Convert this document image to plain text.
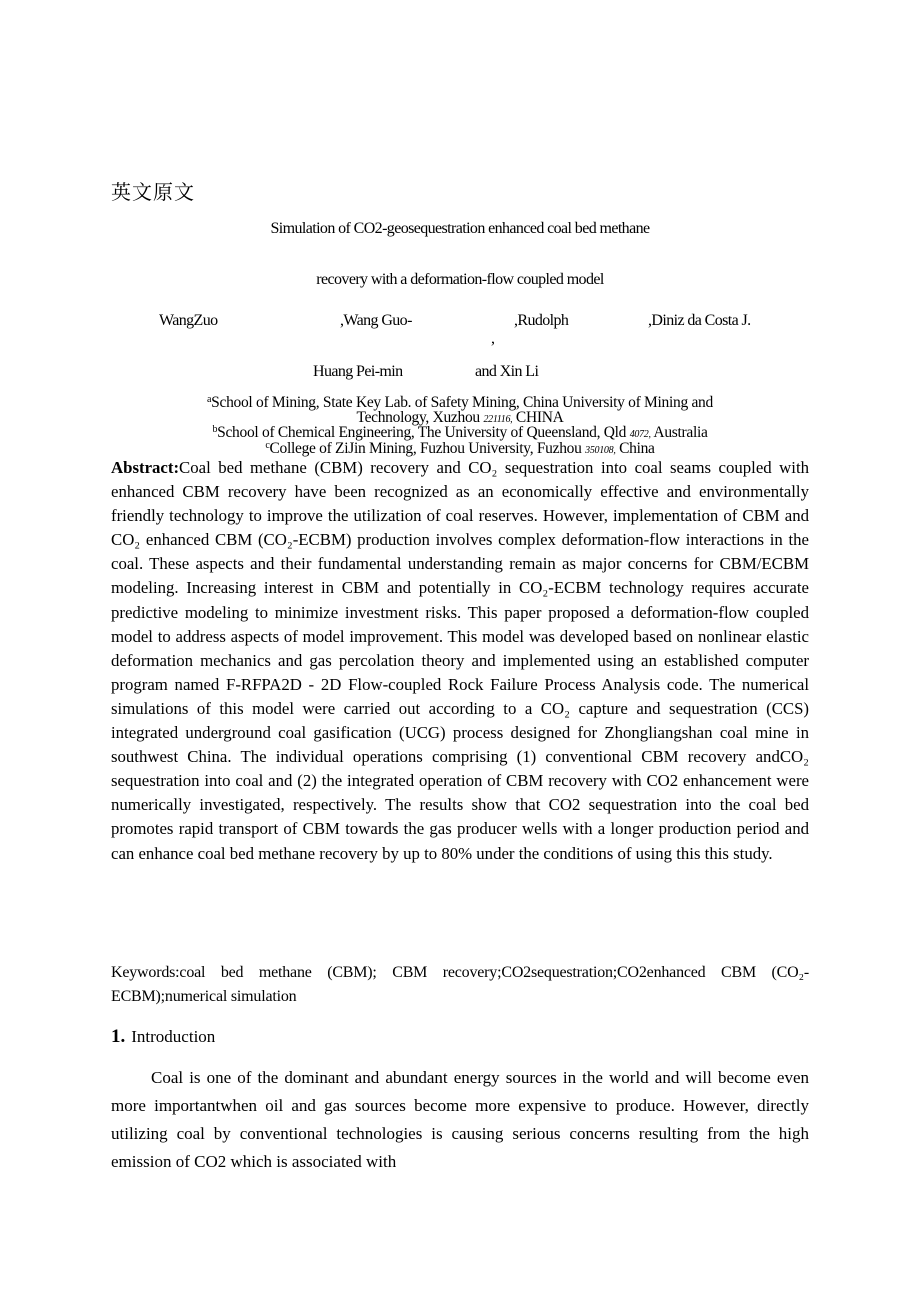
英文原文
Simulation of CO2-geosequestration enhanced coal bed methane
recovery with a deformation-flow coupled model
WangZuo	,Wang Guo-	,Rudolph
,
,Diniz da Costa J.
Huang Pei-min	and Xin Li
$^a$School of Mining, State Key Lab. of Safety Mining, China University of Mining and
Technology, Xuzhou 221116, CHINA
$^b$School of Chemical Engineering, The University of Queensland, Qld 4072, Australia
$^c$College of ZiJin Mining, Fuzhou University, Fuzhou 350108, China
Abstract:Coal bed methane (CBM) recovery and CO₂ sequestration into coal seams coupled with enhanced CBM recovery have been recognized as an economically effective and environmentally friendly technology to improve the utilization of coal reserves. However, implementation of CBM and CO₂ enhanced CBM (CO₂-ECBM) production involves complex deformation-flow interactions in the coal. These aspects and their fundamental understanding remain as major concerns for CBM/ECBM modeling. Increasing interest in CBM and potentially in CO₂-ECBM technology requires accurate predictive modeling to minimize investment risks. This paper proposed a deformation-flow coupled model to address aspects of model improvement. This model was developed based on nonlinear elastic deformation mechanics and gas percolation theory and implemented using an established computer program named F-RFPA2D - 2D Flow-coupled Rock Failure Process Analysis code. The numerical simulations of this model were carried out according to a CO₂ capture and sequestration (CCS) integrated underground coal gasification (UCG) process designed for Zhongliangshan coal mine in southwest China. The individual operations comprising (1) conventional CBM recovery andCO₂ sequestration into coal and (2) the integrated operation of CBM recovery with CO2 enhancement were numerically investigated, respectively. The results show that CO2 sequestration into the coal bed promotes rapid transport of CBM towards the gas producer wells with a longer production period and can enhance coal bed methane recovery by up to 80% under the conditions of using this this study.
Keywords:coal bed methane (CBM); CBM recovery;CO2sequestration;CO2enhanced CBM (CO₂-ECBM);numerical simulation
1. Introduction
Coal is one of the dominant and abundant energy sources in the world and will become even more importantwhen oil and gas sources become more expensive to produce. However, directly utilizing coal by conventional technologies is causing serious concerns resulting from the high emission of CO2 which is associated with
